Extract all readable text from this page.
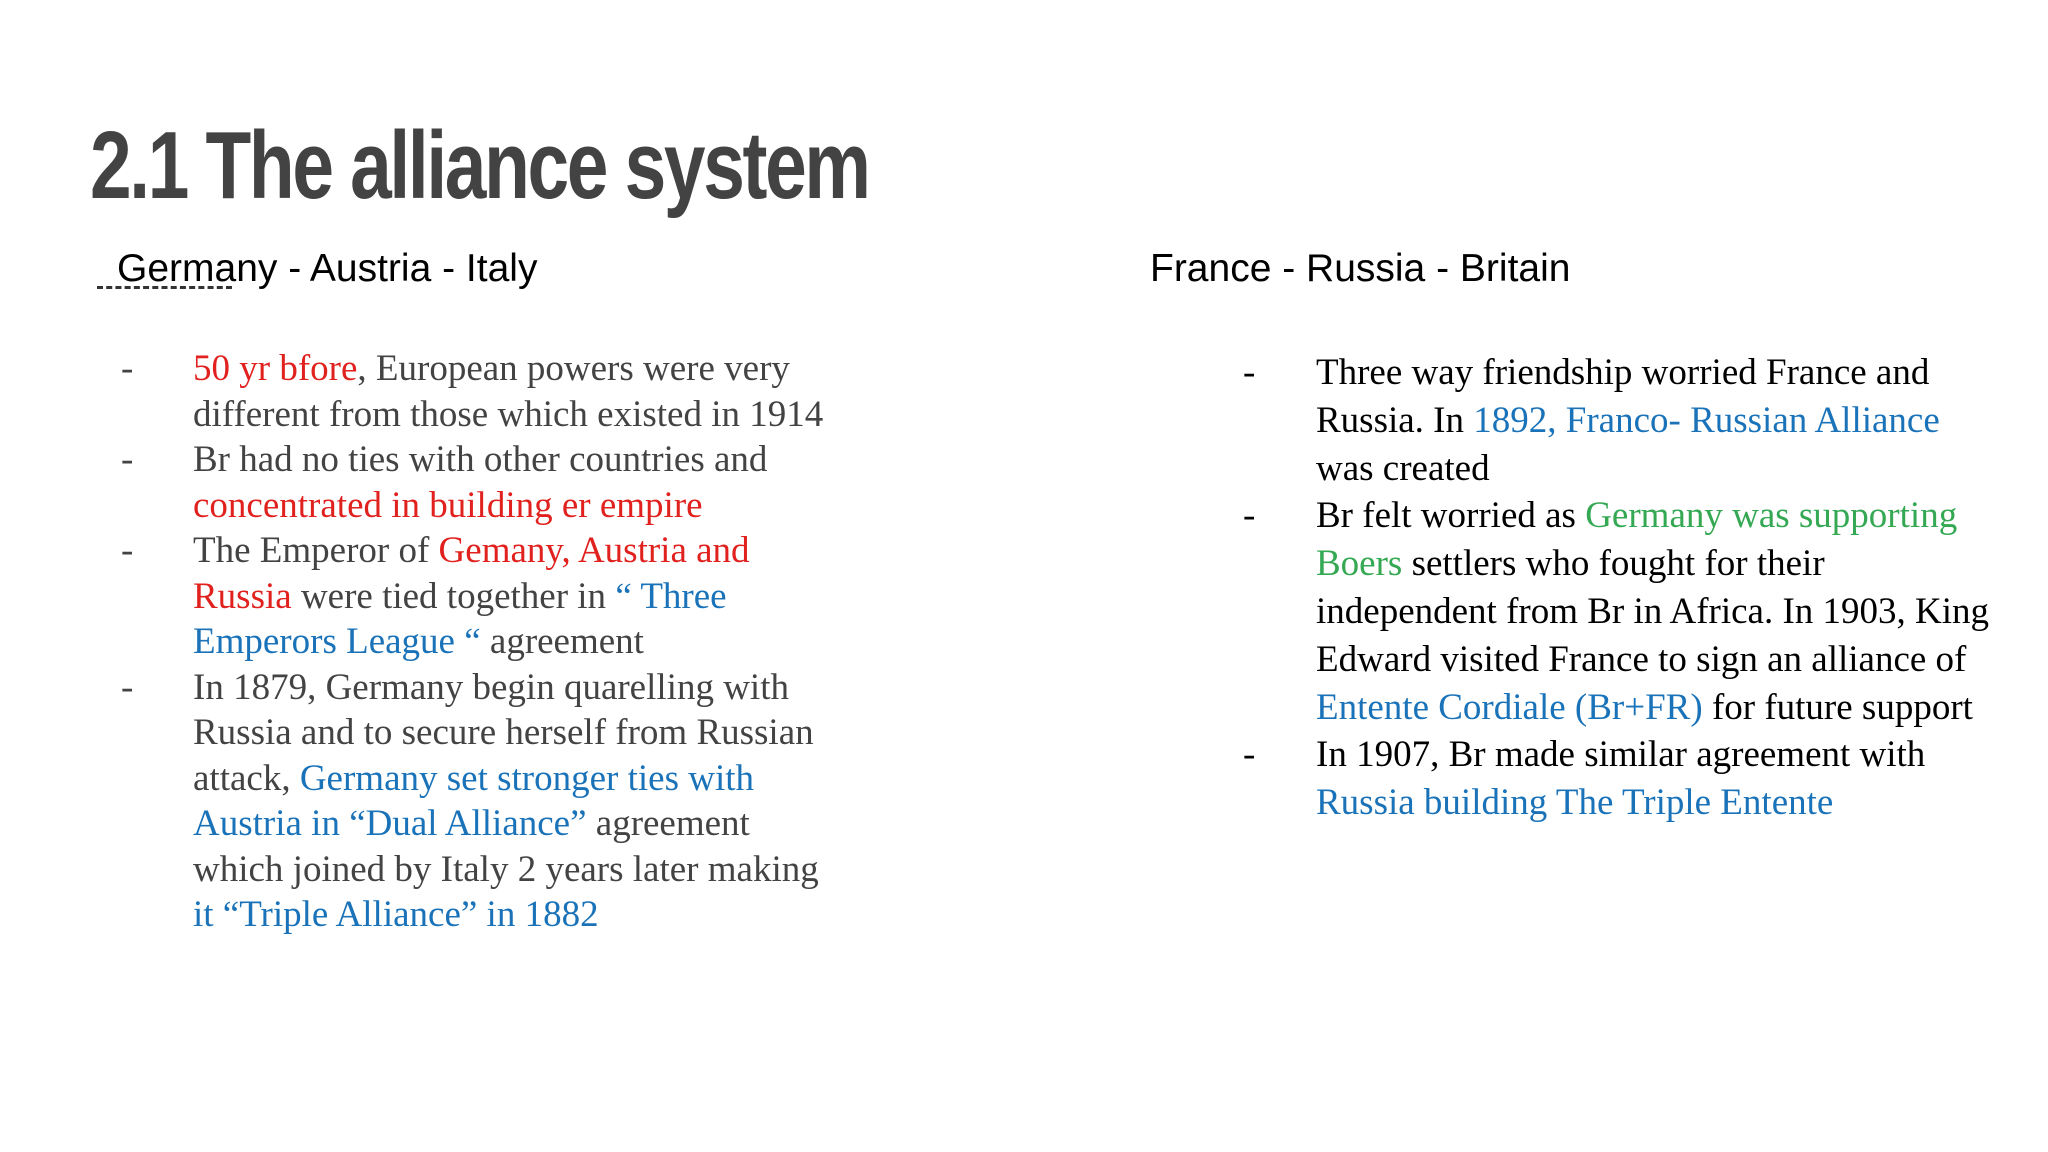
2.1 The alliance system
Germany - Austria - Italy	France - Russia - Britain
- 50 yr bfore, European powers were very different from those which existed in 1914
- Br had no ties with other countries and concentrated in building er empire
- The Emperor of Gemany, Austria and Russia were tied together in “ Three Emperors League “ agreement
- In 1879, Germany begin quarelling with Russia and to secure herself from Russian attack, Germany set stronger ties with Austria in “Dual Alliance” agreement which joined by Italy 2 years later making it “Triple Alliance” in 1882
- Three way friendship worried France and Russia. In 1892, Franco- Russian Alliance was created
- Br felt worried as Germany was supporting Boers settlers who fought for their independent from Br in Africa. In 1903, King Edward visited France to sign an alliance of Entente Cordiale (Br+FR) for future support
- In 1907, Br made similar agreement with Russia building The Triple Entente
